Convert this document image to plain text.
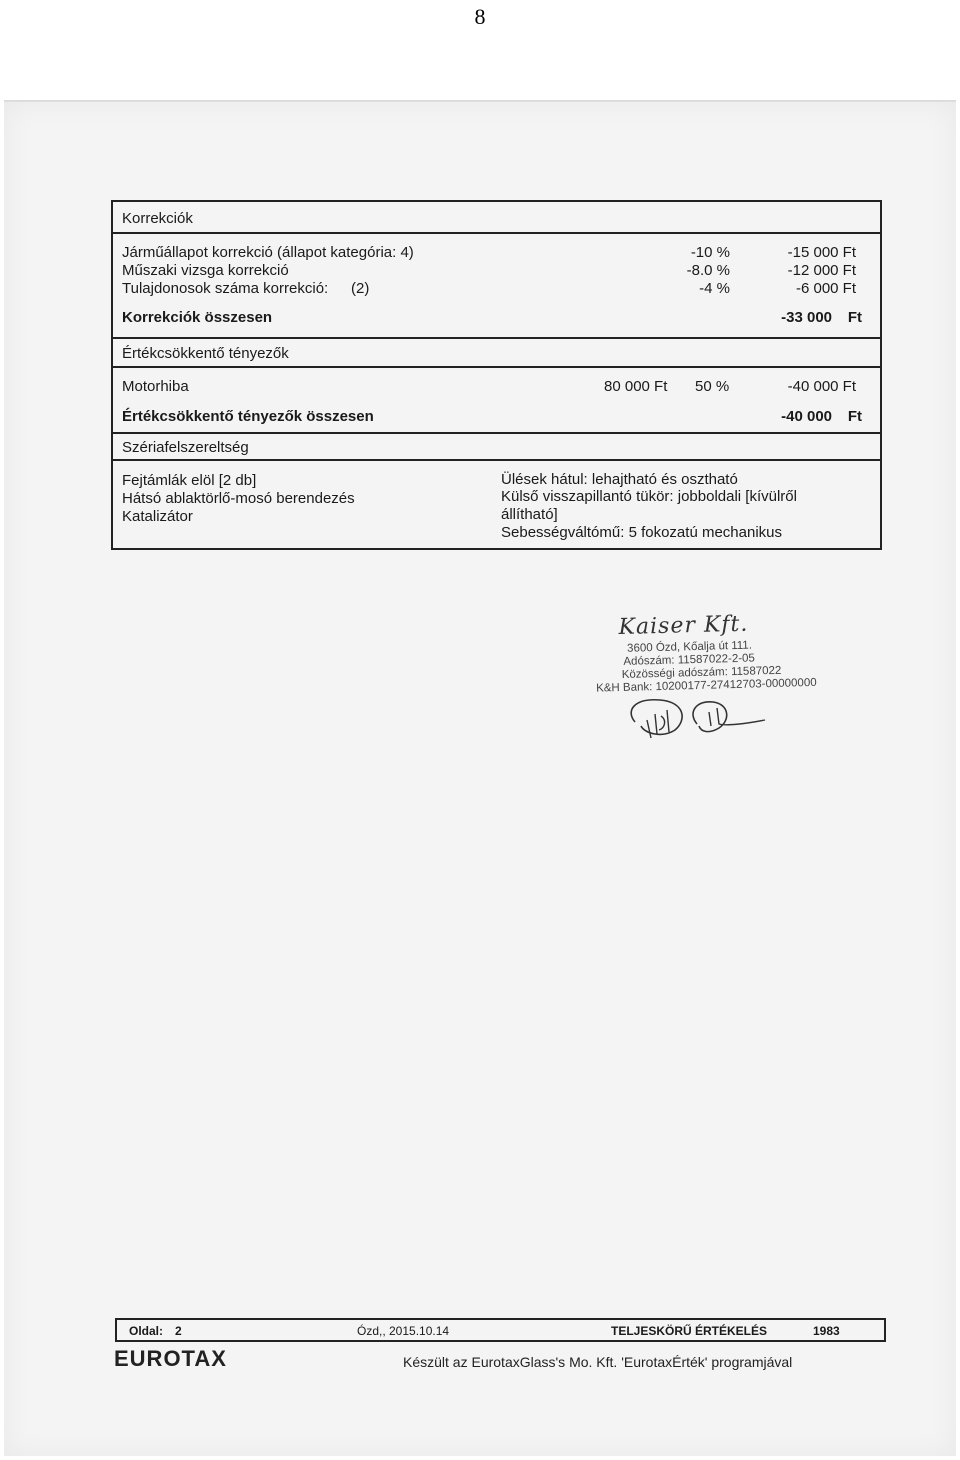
8
Korrekciók
Járműállapot korrekció (állapot kategória: 4)	-10 %	-15 000 Ft
Műszaki vizsga korrekció	-8.0 %	-12 000 Ft
Tulajdonosok száma korrekció: (2)	-4 %	-6 000 Ft
Korrekciók összesen	-33 000 Ft
Értékcsökkentő tényezők
Motorhiba	80 000 Ft 50 %	-40 000 Ft
Értékcsökkentő tényezők összesen	-40 000 Ft
Szériafelszereltség
Fejtámlák elöl [2 db]
Hátsó ablaktörlő-mosó berendezés
Katalizátor
Ülések hátul: lehajtható és osztható
Külső visszapillantó tükör: jobboldali [kívülről
állítható]
Sebességváltómű: 5 fokozatú mechanikus
Kaiser Kft.
3600 Ózd, Kőalja út 111.
Adószám: 11587022-2-05
Közösségi adószám: 11587022
K&H Bank: 10200177-27412703-00000000
Oldal: 2	Ózd,, 2015.10.14	TELJESKÖRŰ ÉRTÉKELÉS	1983
EUROTAX	Készült az EurotaxGlass's Mo. Kft. 'EurotaxÉrték' programjával
